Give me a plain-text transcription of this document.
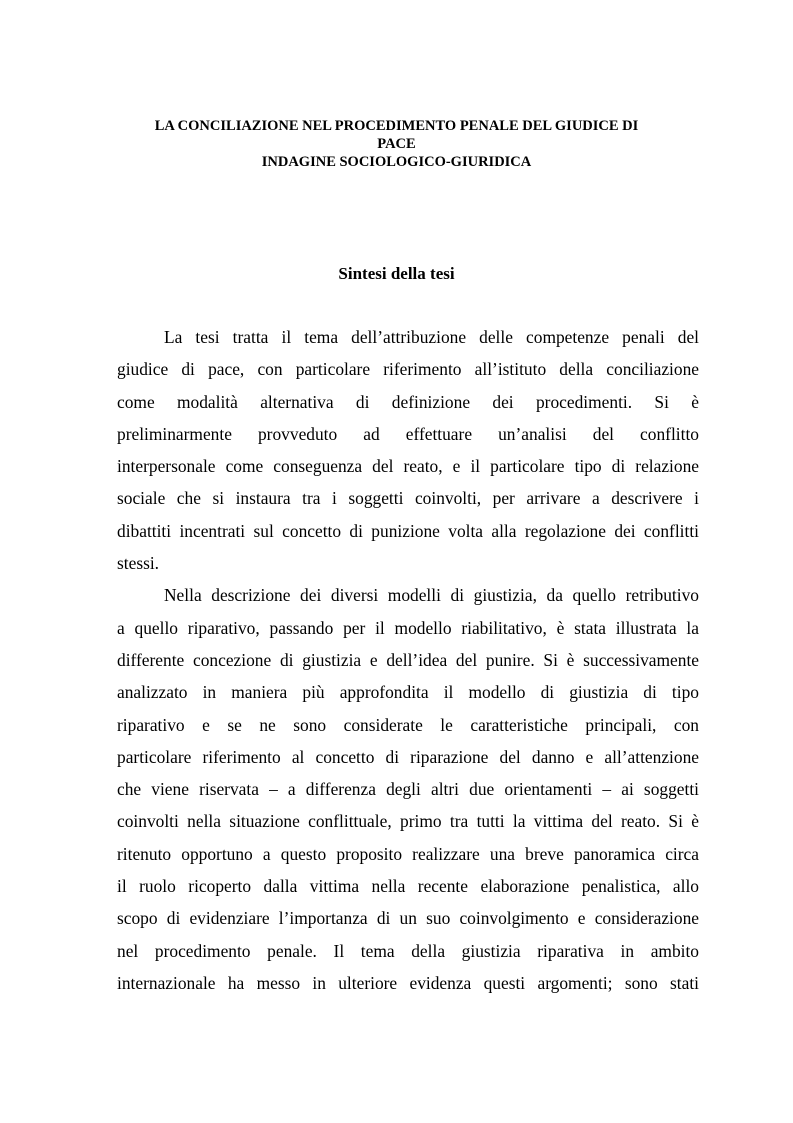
LA CONCILIAZIONE NEL PROCEDIMENTO PENALE DEL GIUDICE DI
PACE
INDAGINE SOCIOLOGICO-GIURIDICA
Sintesi della tesi
La tesi tratta il tema dell’attribuzione delle competenze penali del
giudice di pace, con particolare riferimento all’istituto della conciliazione
come modalità alternativa di definizione dei procedimenti. Si è
preliminarmente provveduto ad effettuare un’analisi del conflitto
interpersonale come conseguenza del reato, e il particolare tipo di relazione
sociale che si instaura tra i soggetti coinvolti, per arrivare a descrivere i
dibattiti incentrati sul concetto di punizione volta alla regolazione dei conflitti
stessi.
Nella descrizione dei diversi modelli di giustizia, da quello retributivo
a quello riparativo, passando per il modello riabilitativo, è stata illustrata la
differente concezione di giustizia e dell’idea del punire. Si è successivamente
analizzato in maniera più approfondita il modello di giustizia di tipo
riparativo e se ne sono considerate le caratteristiche principali, con
particolare riferimento al concetto di riparazione del danno e all’attenzione
che viene riservata – a differenza degli altri due orientamenti – ai soggetti
coinvolti nella situazione conflittuale, primo tra tutti la vittima del reato. Si è
ritenuto opportuno a questo proposito realizzare una breve panoramica circa
il ruolo ricoperto dalla vittima nella recente elaborazione penalistica, allo
scopo di evidenziare l’importanza di un suo coinvolgimento e considerazione
nel procedimento penale. Il tema della giustizia riparativa in ambito
internazionale ha messo in ulteriore evidenza questi argomenti; sono stati
